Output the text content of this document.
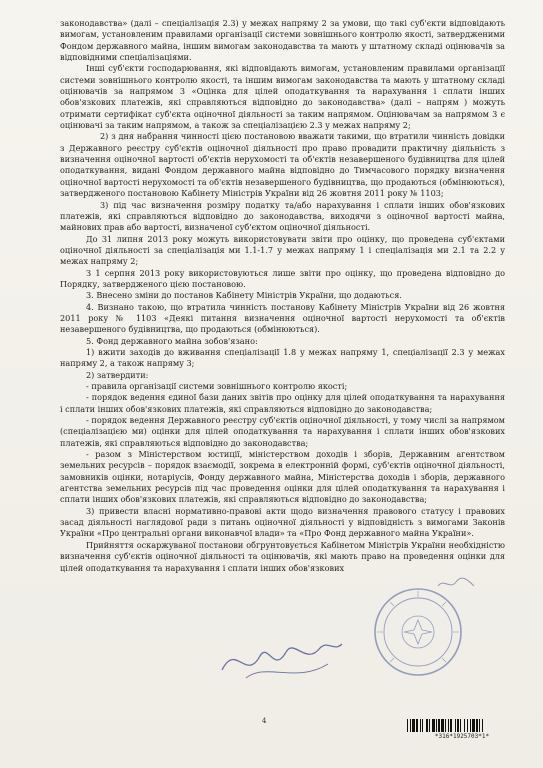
законодавства» (далі – спеціалізація 2.3) у межах напряму 2 за умови, що такі суб'єкти відповідають вимогам, установленим правилами організації системи зовнішнього контролю якості, затвердженими Фондом державного майна, іншим вимогам законодавства та мають у штатному складі оцінювачів за відповідними спеціалізаціями.

Інші суб'єкти господарювання, які відповідають вимогам, установленим правилами організації системи зовнішнього контролю якості, та іншим вимогам законодавства та мають у штатному складі оцінювачів за напрямом 3 «Оцінка для цілей оподаткування та нарахування і сплати інших обов'язкових платежів, які справляються відповідно до законодавства» (далі – напрям ) можуть отримати сертифікат суб'єкта оціночної діяльності за таким напрямом. Оцінювачам за напрямом 3 є оцінювачі за таким напрямом, а також за спеціалізацією 2.3 у межах напряму 2;

2) з дня набрання чинності цією постановою вважати такими, що втратили чинність довідки з Державного реєстру суб'єктів оціночної діяльності про право провадити практичну діяльність з визначення оціночної вартості об'єктів нерухомості та об'єктів незавершеного будівництва для цілей оподаткування, видані Фондом державного майна відповідно до Тимчасового порядку визначення оціночної вартості нерухомості та об'єктів незавершеного будівництва, що продаються (обмінюються), затвердженого постановою Кабінету Міністрів України від 26 жовтня 2011 року № 1103;

3) під час визначення розміру податку та/або нарахування і сплати інших обов'язкових платежів, які справляються відповідно до законодавства, виходячи з оціночної вартості майна, майнових прав або вартості, визначеної суб'єктом оціночної діяльності.

До 31 липня 2013 року можуть використовувати звіти про оцінку, що проведена суб'єктами оціночної діяльності за спеціалізація ми 1.1-1.7 у межах напряму 1 і спеціалізація ми 2.1 та 2.2 у межах напряму 2;

З 1 серпня 2013 року використовуються лише звіти про оцінку, що проведена відповідно до Порядку, затвердженого цією постановою.

3. Внесено зміни до постанов Кабінету Міністрів України, що додаються.

4. Визнано такою, що втратила чинність постанову Кабінету Міністрів України від 26 жовтня 2011 року № 1103 «Деякі питання визначення оціночної вартості нерухомості та об'єктів незавершеного будівництва, що продаються (обмінюються).

5. Фонд державного майна зобов'язано:

1) вжити заходів до вживання спеціалізації 1.8 у межах напряму 1, спеціалізації 2.3 у межах напряму 2, а також напряму 3;

2) затвердити:

- правила організації системи зовнішнього контролю якості;

- порядок ведення єдиної бази даних звітів про оцінку для цілей оподаткування та нарахування і сплати інших обов'язкових платежів, які справляються відповідно до законодавства;

- порядок ведення Державного реєстру суб'єктів оціночної діяльності, у тому числі за напрямом (спеціалізацією ми) оцінки для цілей оподаткування та нарахування і сплати інших обов'язкових платежів, які справляються відповідно до законодавства;

- разом з Міністерством юстиції, міністерством доходів і зборів, Державним агентством земельних ресурсів – порядок взаємодії, зокрема в електронній формі, суб'єктів оціночної діяльності, замовників оцінки, нотаріусів, Фонду державного майна, Міністерства доходів і зборів, державного агентства земельних ресурсів під час проведення оцінки для цілей оподаткування та нарахування і сплати інших обов'язкових платежів, які справляються відповідно до законодавства;

3) привести власні нормативно-правові акти щодо визначення правового статусу і правових засад діяльності наглядової ради з питань оціночної діяльності у відповідність з вимогами Законів України «Про центральні органи виконавчої влади» та «Про Фонд державного майна України».

Прийняття оскаржуваної постанови обгрунтовується Кабінетом Міністрів України необхідністю визначення суб'єктів оціночної діяльності та оцінювачів, які мають право на проведення оцінки для цілей оподаткування та нарахування і сплати інших обов'язкових

4
*316*1925703*1*
